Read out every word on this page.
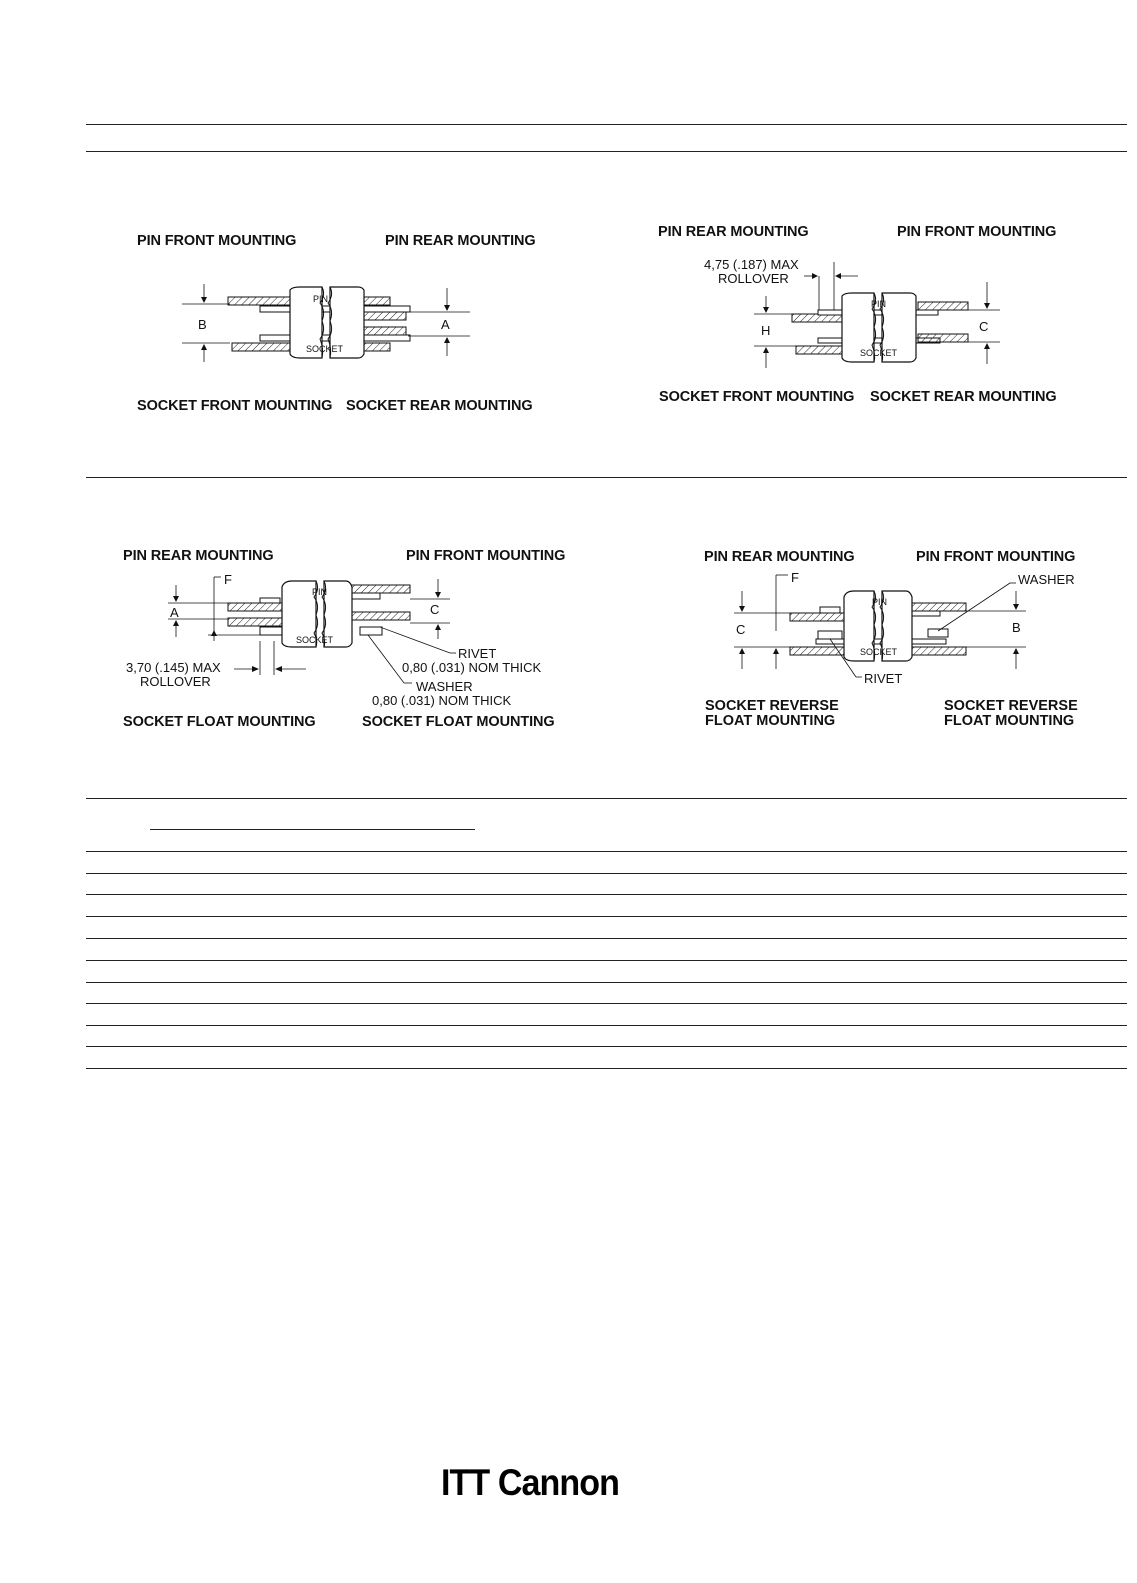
PIN FRONT MOUNTING	PIN REAR MOUNTING
SOCKET FRONT MOUNTING SOCKET REAR MOUNTING
PIN
SOCKET
B	A
PIN REAR MOUNTING	PIN FRONT MOUNTING
SOCKET FRONT MOUNTING SOCKET REAR MOUNTING
4,75 (.187) MAX
ROLLOVER
PIN
SOCKET
H	C
PIN REAR MOUNTING	PIN FRONT MOUNTING
SOCKET FLOAT MOUNTING	SOCKET FLOAT MOUNTING
F
PIN
SOCKET
A	C
RIVET
0,80 (.031) NOM THICK
WASHER
0,80 (.031) NOM THICK
3,70 (.145) MAX
ROLLOVER
PIN REAR MOUNTING	PIN FRONT MOUNTING
SOCKET REVERSE
FLOAT MOUNTING
SOCKET REVERSE
FLOAT MOUNTING
F
PIN
SOCKET
C	B
WASHER
RIVET
ITT Cannon
